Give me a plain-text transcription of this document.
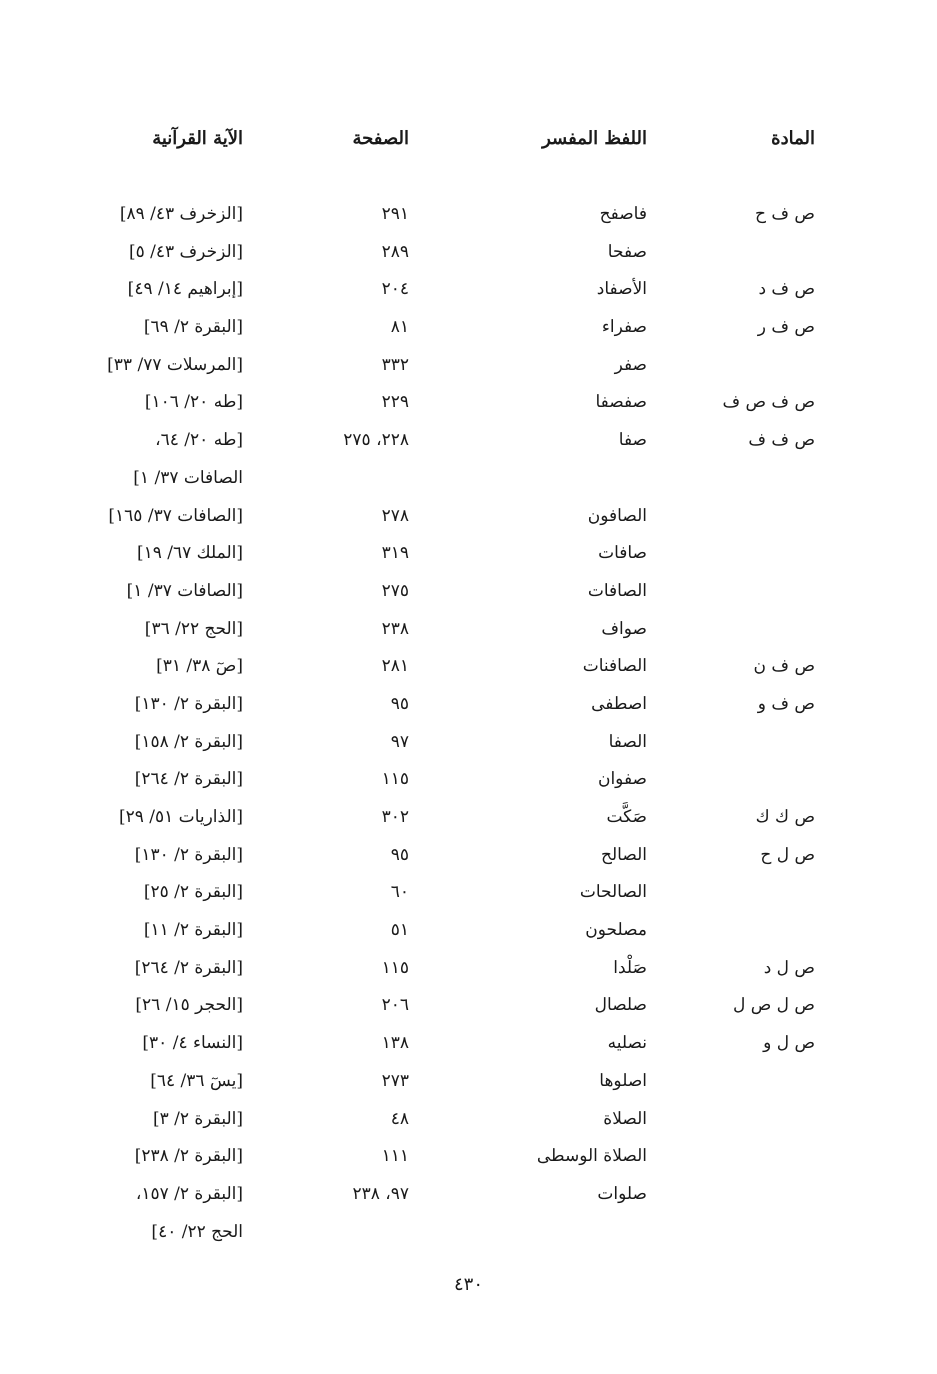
المادة
اللفظ المفسر
الصفحة
الآية القرآنية
ص ف ح
فاصفح
٢٩١
[الزخرف ٤٣/ ٨٩]
صفحا
٢٨٩
[الزخرف ٤٣/ ٥]
ص ف د
الأصفاد
٢٠٤
[إبراهيم ١٤/ ٤٩]
ص ف ر
صفراء
٨١
[البقرة ٢/ ٦٩]
صفر
٣٣٢
[المرسلات ٧٧/ ٣٣]
ص ف ص ف
صفصفا
٢٢٩
[طه ٢٠/ ١٠٦]
ص ف ف
صفا
٢٢٨، ٢٧٥
[طه ٢٠/ ٦٤،
الصافات ٣٧/ ١]
الصافون
٢٧٨
[الصافات ٣٧/ ١٦٥]
صافات
٣١٩
[الملك ٦٧/ ١٩]
الصافات
٢٧٥
[الصافات ٣٧/ ١]
صواف
٢٣٨
[الحج ٢٢/ ٣٦]
ص ف ن
الصافنات
٢٨١
[صٓ ٣٨/ ٣١]
ص ف و
اصطفى
٩٥
[البقرة ٢/ ١٣٠]
الصفا
٩٧
[البقرة ٢/ ١٥٨]
صفوان
١١٥
[البقرة ٢/ ٢٦٤]
ص ك ك
صَكَّت
٣٠٢
[الذاريات ٥١/ ٢٩]
ص ل ح
الصالح
٩٥
[البقرة ٢/ ١٣٠]
الصالحات
٦٠
[البقرة ٢/ ٢٥]
مصلحون
٥١
[البقرة ٢/ ١١]
ص ل د
صَلْدا
١١٥
[البقرة ٢/ ٢٦٤]
ص ل ص ل
صلصال
٢٠٦
[الحجر ١٥/ ٢٦]
ص ل و
نصليه
١٣٨
[النساء ٤/ ٣٠]
اصلوها
٢٧٣
[يسٓ ٣٦/ ٦٤]
الصلاة
٤٨
[البقرة ٢/ ٣]
الصلاة الوسطى
١١١
[البقرة ٢/ ٢٣٨]
صلوات
٩٧، ٢٣٨
[البقرة ٢/ ١٥٧،
الحج ٢٢/ ٤٠]
٤٣٠
